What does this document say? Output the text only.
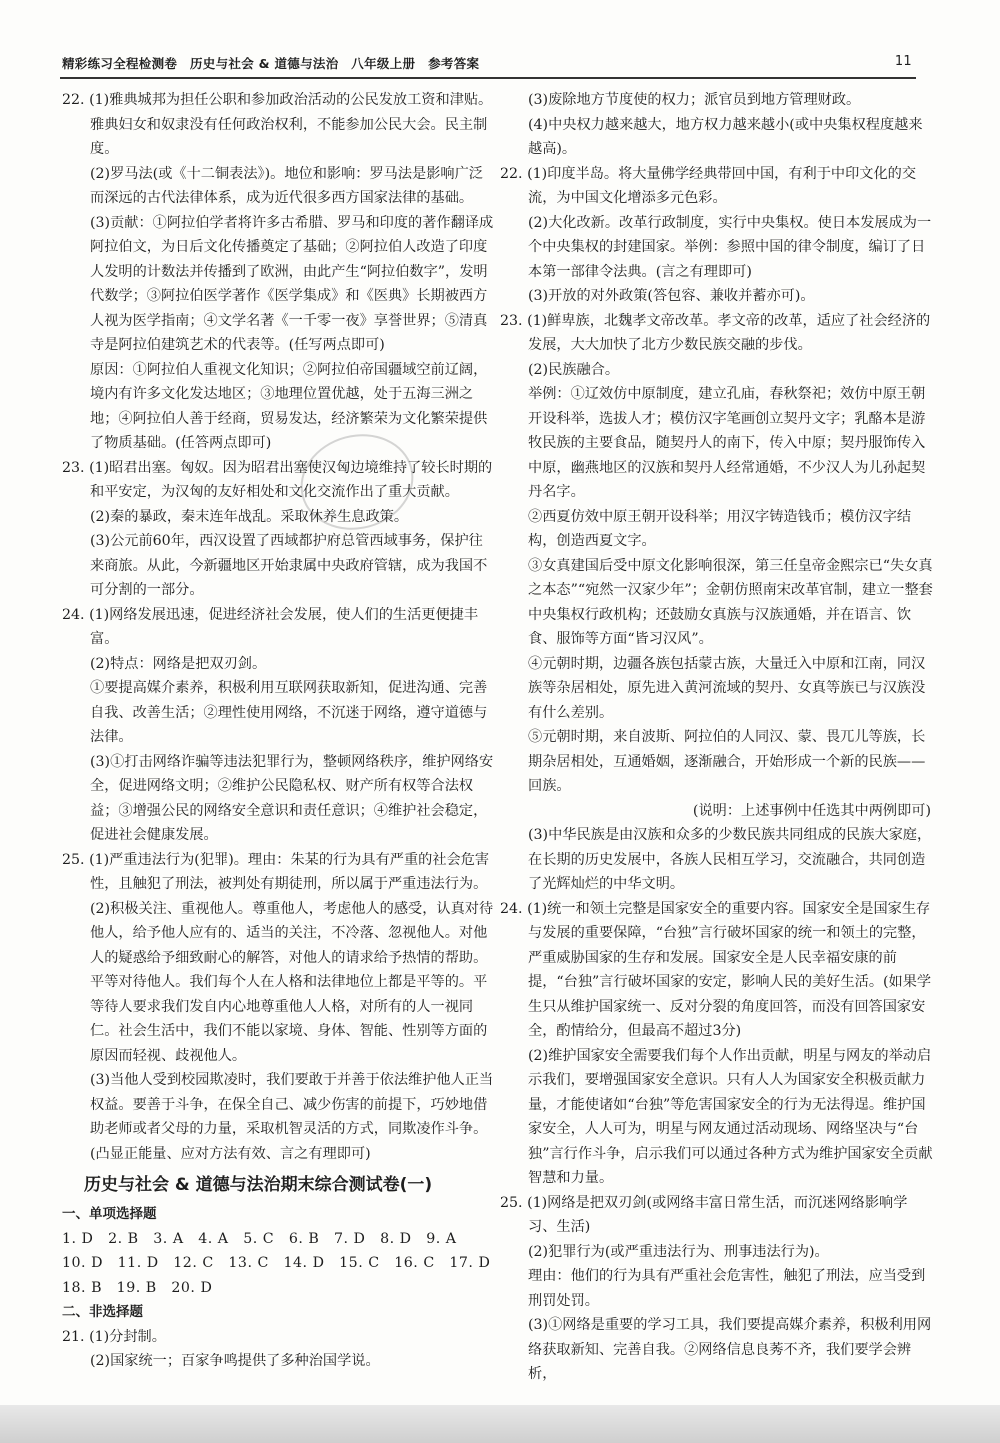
精彩练习全程检测卷　历史与社会 & 道德与法治　八年级上册　参考答案	11

22. (1)雅典城邦为担任公职和参加政治活动的公民发放工资和津贴。雅典妇女和奴隶没有任何政治权利，不能参加公民大会。民主制度。

(2)罗马法(或《十二铜表法》)。地位和影响：罗马法是影响广泛而深远的古代法律体系，成为近代很多西方国家法律的基础。

(3)贡献：①阿拉伯学者将许多古希腊、罗马和印度的著作翻译成阿拉伯文，为日后文化传播奠定了基础；②阿拉伯人改造了印度人发明的计数法并传播到了欧洲，由此产生“阿拉伯数字”，发明代数学；③阿拉伯医学著作《医学集成》和《医典》长期被西方人视为医学指南；④文学名著《一千零一夜》享誉世界；⑤清真寺是阿拉伯建筑艺术的代表等。(任写两点即可)

原因：①阿拉伯人重视文化知识；②阿拉伯帝国疆域空前辽阔，境内有许多文化发达地区；③地理位置优越，处于五海三洲之地；④阿拉伯人善于经商，贸易发达，经济繁荣为文化繁荣提供了物质基础。(任答两点即可)

23. (1)昭君出塞。匈奴。因为昭君出塞使汉匈边境维持了较长时期的和平安定，为汉匈的友好相处和文化交流作出了重大贡献。

(2)秦的暴政，秦末连年战乱。采取休养生息政策。

(3)公元前60年，西汉设置了西域都护府总管西域事务，保护往来商旅。从此，今新疆地区开始隶属中央政府管辖，成为我国不可分割的一部分。

24. (1)网络发展迅速，促进经济社会发展，使人们的生活更便捷丰富。

(2)特点：网络是把双刃剑。

①要提高媒介素养，积极利用互联网获取新知，促进沟通、完善自我、改善生活；②理性使用网络，不沉迷于网络，遵守道德与法律。

(3)①打击网络诈骗等违法犯罪行为，整顿网络秩序，维护网络安全，促进网络文明；②维护公民隐私权、财产所有权等合法权益；③增强公民的网络安全意识和责任意识；④维护社会稳定，促进社会健康发展。

25. (1)严重违法行为(犯罪)。理由：朱某的行为具有严重的社会危害性，且触犯了刑法，被判处有期徒刑，所以属于严重违法行为。

(2)积极关注、重视他人。尊重他人，考虑他人的感受，认真对待他人，给予他人应有的、适当的关注，不冷落、忽视他人。对他人的疑惑给予细致耐心的解答，对他人的请求给予热情的帮助。平等对待他人。我们每个人在人格和法律地位上都是平等的。平等待人要求我们发自内心地尊重他人人格，对所有的人一视同仁。社会生活中，我们不能以家境、身体、智能、性别等方面的原因而轻视、歧视他人。

(3)当他人受到校园欺凌时，我们要敢于并善于依法维护他人正当权益。要善于斗争，在保全自己、减少伤害的前提下，巧妙地借助老师或者父母的力量，采取机智灵活的方式，同欺凌作斗争。(凸显正能量、应对方法有效、言之有理即可)

历史与社会 & 道德与法治期末综合测试卷(一)

一、单项选择题

1. D　2. B　3. A　4. A　5. C　6. B　7. D　8. D　9. A

10. D　11. D　12. C　13. C　14. D　15. C　16. C　17. D

18. B　19. B　20. D

二、非选择题

21. (1)分封制。

(2)国家统一；百家争鸣提供了多种治国学说。

(3)废除地方节度使的权力；派官员到地方管理财政。

(4)中央权力越来越大，地方权力越来越小(或中央集权程度越来越高)。

22. (1)印度半岛。将大量佛学经典带回中国，有利于中印文化的交流，为中国文化增添多元色彩。

(2)大化改新。改革行政制度，实行中央集权。使日本发展成为一个中央集权的封建国家。举例：参照中国的律令制度，编订了日本第一部律令法典。(言之有理即可)

(3)开放的对外政策(答包容、兼收并蓄亦可)。

23. (1)鲜卑族，北魏孝文帝改革。孝文帝的改革，适应了社会经济的发展，大大加快了北方少数民族交融的步伐。

(2)民族融合。

举例：①辽效仿中原制度，建立孔庙，春秋祭祀；效仿中原王朝开设科举，选拔人才；模仿汉字笔画创立契丹文字；乳酪本是游牧民族的主要食品，随契丹人的南下，传入中原；契丹服饰传入中原，幽燕地区的汉族和契丹人经常通婚，不少汉人为儿孙起契丹名字。

②西夏仿效中原王朝开设科举；用汉字铸造钱币；模仿汉字结构，创造西夏文字。

③女真建国后受中原文化影响很深，第三任皇帝金熙宗已“失女真之本态”“宛然一汉家少年”；金朝仿照南宋改革官制，建立一整套中央集权行政机构；还鼓励女真族与汉族通婚，并在语言、饮食、服饰等方面“皆习汉风”。

④元朝时期，边疆各族包括蒙古族，大量迁入中原和江南，同汉族等杂居相处，原先进入黄河流域的契丹、女真等族已与汉族没有什么差别。

⑤元朝时期，来自波斯、阿拉伯的人同汉、蒙、畏兀儿等族，长期杂居相处，互通婚姻，逐渐融合，开始形成一个新的民族——回族。

(说明：上述事例中任选其中两例即可)

(3)中华民族是由汉族和众多的少数民族共同组成的民族大家庭，在长期的历史发展中，各族人民相互学习，交流融合，共同创造了光辉灿烂的中华文明。

24. (1)统一和领土完整是国家安全的重要内容。国家安全是国家生存与发展的重要保障，“台独”言行破坏国家的统一和领土的完整，严重威胁国家的生存和发展。国家安全是人民幸福安康的前提，“台独”言行破坏国家的安定，影响人民的美好生活。(如果学生只从维护国家统一、反对分裂的角度回答，而没有回答国家安全，酌情给分，但最高不超过3分)

(2)维护国家安全需要我们每个人作出贡献，明星与网友的举动启示我们，要增强国家安全意识。只有人人为国家安全积极贡献力量，才能使诸如“台独”等危害国家安全的行为无法得逞。维护国家安全，人人可为，明星与网友通过活动现场、网络坚决与“台独”言行作斗争，启示我们可以通过各种方式为维护国家安全贡献智慧和力量。

25. (1)网络是把双刃剑(或网络丰富日常生活，而沉迷网络影响学习、生活)

(2)犯罪行为(或严重违法行为、刑事违法行为)。

理由：他们的行为具有严重社会危害性，触犯了刑法，应当受到刑罚处罚。

(3)①网络是重要的学习工具，我们要提高媒介素养，积极利用网络获取新知、完善自我。②网络信息良莠不齐，我们要学会辨析，
